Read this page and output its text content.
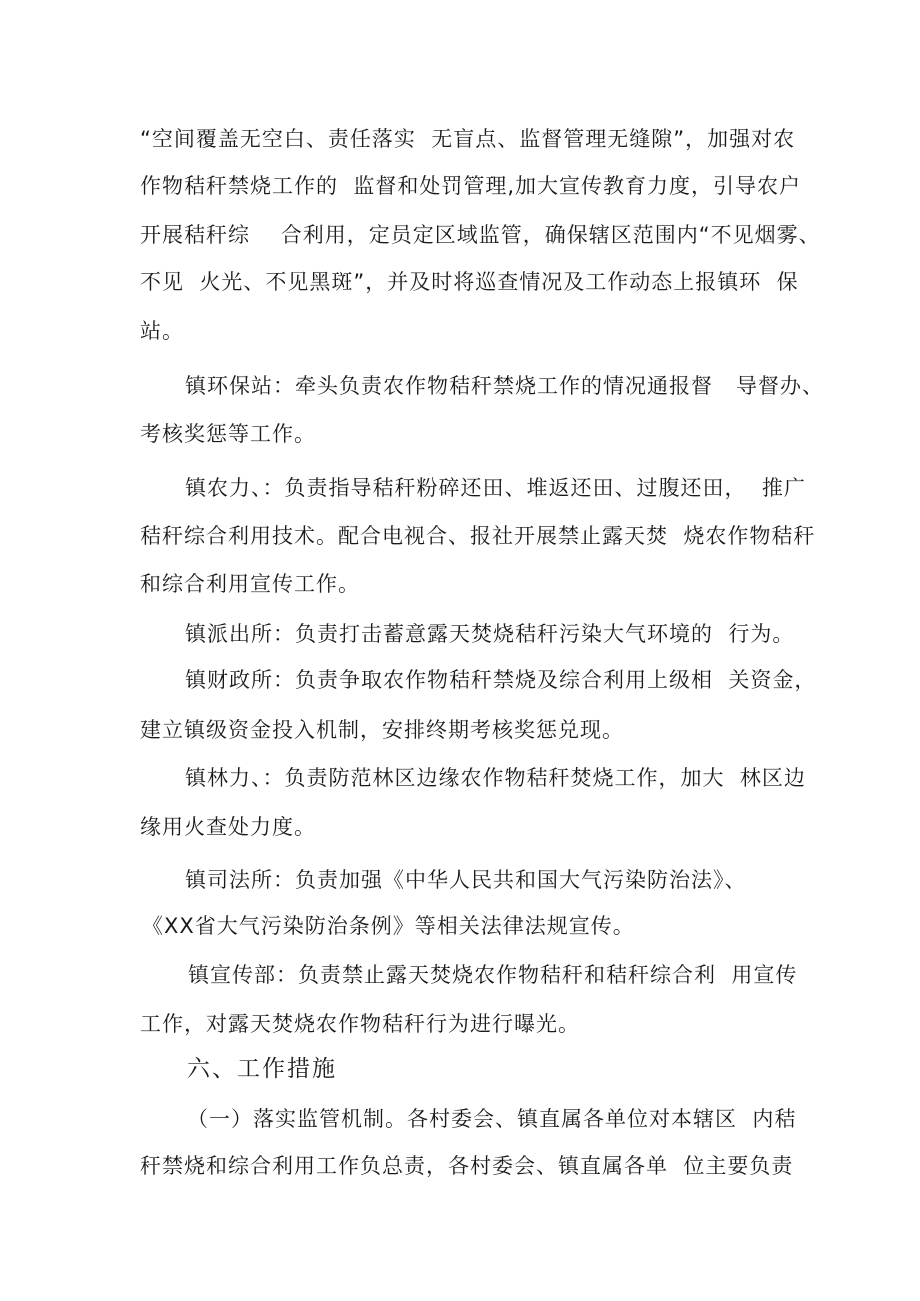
“空间覆盖无空白、责任落实  无盲点、监督管理无缝隙”，加强对农

作物秸秆禁烧工作的  监督和处罚管理,加大宣传教育力度，引导农户

开展秸秆综    合利用，定员定区域监管，确保辖区范围内“不见烟雾、

不见  火光、不见黑斑”，并及时将巡查情况及工作动态上报镇环  保

站。

镇环保站：牵头负责农作物秸秆禁烧工作的情况通报督   导督办、

考核奖惩等工作。

镇农力、：负责指导秸秆粉碎还田、堆返还田、过腹还田，  推广

秸秆综合利用技术。配合电视合、报社开展禁止露天焚  烧农作物秸秆

和综合利用宣传工作。

镇派出所：负责打击蓄意露天焚烧秸秆污染大气环境的  行为。

镇财政所：负责争取农作物秸秆禁烧及综合利用上级相  关资金，

建立镇级资金投入机制，安排终期考核奖惩兑现。

镇林力、：负责防范林区边缘农作物秸秆焚烧工作，加大  林区边

缘用火查处力度。

镇司法所：负责加强《中华人民共和国大气污染防治法》、

《XX省大气污染防治条例》等相关法律法规宣传。

镇宣传部：负责禁止露天焚烧农作物秸秆和秸秆综合利  用宣传

工作，对露天焚烧农作物秸秆行为进行曝光。

六、工作措施

（一）落实监管机制。各村委会、镇直属各单位对本辖区  内秸

秆禁烧和综合利用工作负总责，各村委会、镇直属各单  位主要负责
